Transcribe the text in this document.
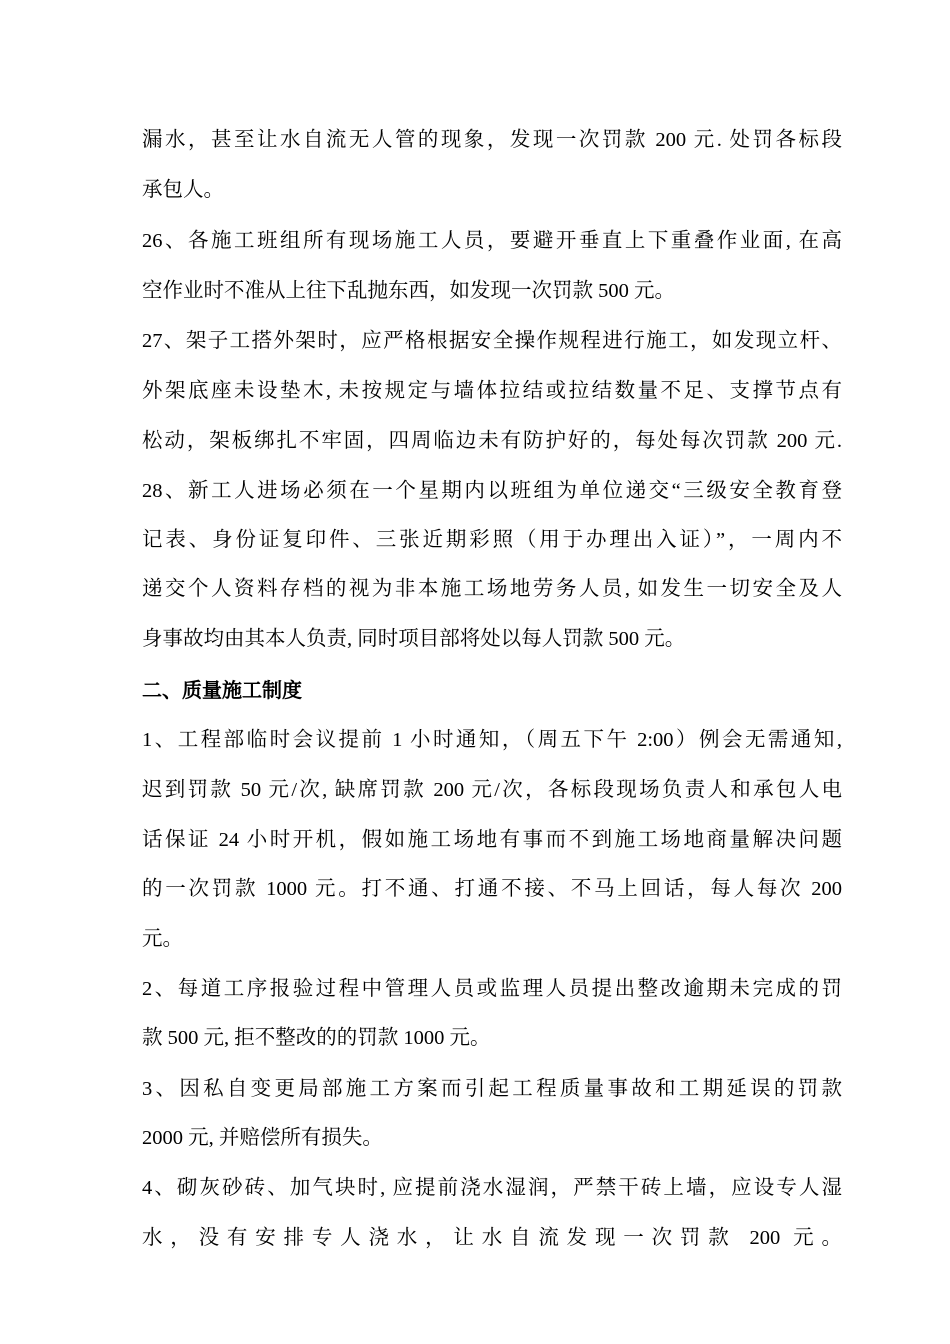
漏水，甚至让水自流无人管的现象，发现一次罚款 200 元. 处罚各标段
承包人。
26、各施工班组所有现场施工人员，要避开垂直上下重叠作业面, 在高
空作业时不准从上往下乱抛东西，如发现一次罚款 500 元。
27、架子工搭外架时，应严格根据安全操作规程进行施工，如发现立杆、
外架底座未设垫木, 未按规定与墙体拉结或拉结数量不足、支撑节点有
松动，架板绑扎不牢固，四周临边未有防护好的，每处每次罚款 200 元.
28、新工人进场必须在一个星期内以班组为单位递交“三级安全教育登
记表、身份证复印件、三张近期彩照（用于办理出入证）”，一周内不
递交个人资料存档的视为非本施工场地劳务人员, 如发生一切安全及人
身事故均由其本人负责, 同时项目部将处以每人罚款 500 元。
二、质量施工制度
1、工程部临时会议提前 1 小时通知，（周五下午 2:00）例会无需通知,
迟到罚款 50 元/次, 缺席罚款 200 元/次，各标段现场负责人和承包人电
话保证 24 小时开机，假如施工场地有事而不到施工场地商量解决问题
的一次罚款 1000 元。打不通、打通不接、不马上回话，每人每次 200
元。
2、每道工序报验过程中管理人员或监理人员提出整改逾期未完成的罚
款 500 元, 拒不整改的的罚款 1000 元。
3、因私自变更局部施工方案而引起工程质量事故和工期延误的罚款
2000 元, 并赔偿所有损失。
4、砌灰砂砖、加气块时, 应提前浇水湿润，严禁干砖上墙，应设专人湿
水，没有安排专人浇水，让水自流发现一次罚款 200 元。
